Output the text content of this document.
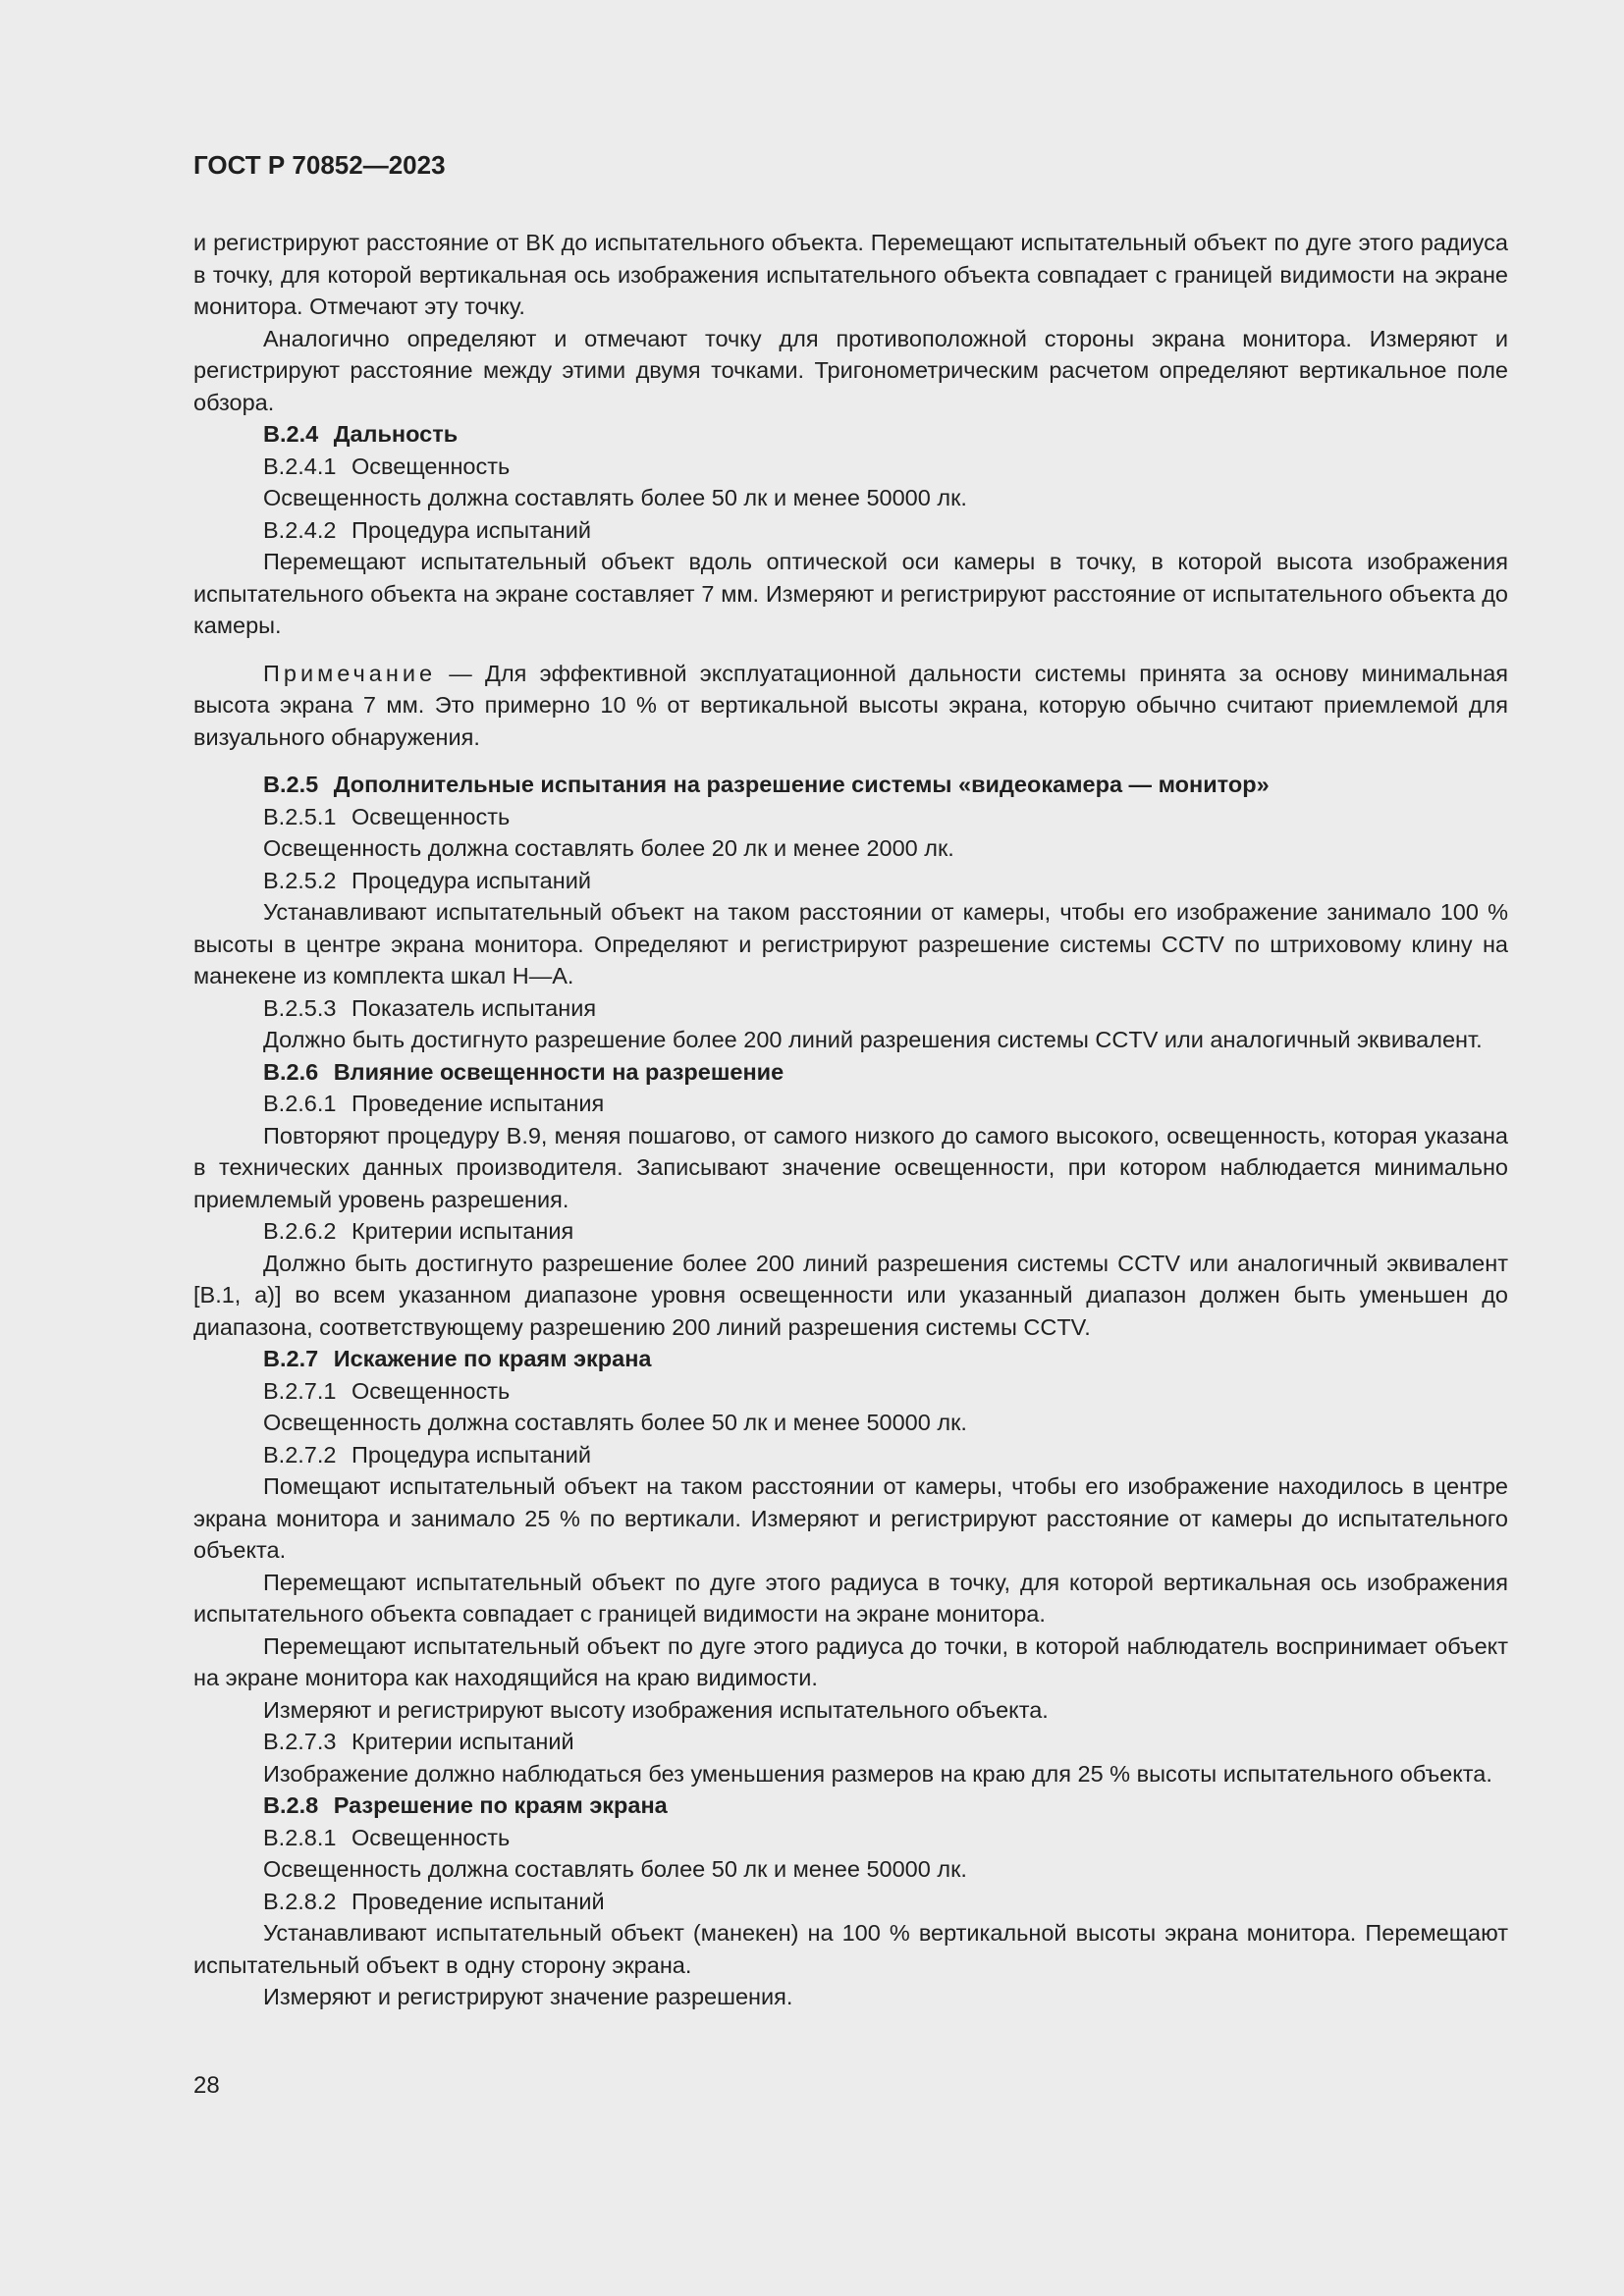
ГОСТ Р 70852—2023

и регистрируют расстояние от ВК до испытательного объекта. Перемещают испытательный объект по дуге этого радиуса в точку, для которой вертикальная ось изображения испытательного объекта совпадает с границей видимости на экране монитора. Отмечают эту точку.

Аналогично определяют и отмечают точку для противоположной стороны экрана монитора. Измеряют и регистрируют расстояние между этими двумя точками. Тригонометрическим расчетом определяют вертикальное поле обзора.

В.2.4 Дальность

В.2.4.1 Освещенность

Освещенность должна составлять более 50 лк и менее 50000 лк.

В.2.4.2 Процедура испытаний

Перемещают испытательный объект вдоль оптической оси камеры в точку, в которой высота изображения испытательного объекта на экране составляет 7 мм. Измеряют и регистрируют расстояние от испытательного объекта до камеры.

Примечание — Для эффективной эксплуатационной дальности системы принята за основу минимальная высота экрана 7 мм. Это примерно 10 % от вертикальной высоты экрана, которую обычно считают приемлемой для визуального обнаружения.

В.2.5 Дополнительные испытания на разрешение системы «видеокамера — монитор»

В.2.5.1 Освещенность

Освещенность должна составлять более 20 лк и менее 2000 лк.

В.2.5.2 Процедура испытаний

Устанавливают испытательный объект на таком расстоянии от камеры, чтобы его изображение занимало 100 % высоты в центре экрана монитора. Определяют и регистрируют разрешение системы CCTV по штриховому клину на манекене из комплекта шкал Н—А.

В.2.5.3 Показатель испытания

Должно быть достигнуто разрешение более 200 линий разрешения системы CCTV или аналогичный эквивалент.

В.2.6 Влияние освещенности на разрешение

В.2.6.1 Проведение испытания

Повторяют процедуру В.9, меняя пошагово, от самого низкого до самого высокого, освещенность, которая указана в технических данных производителя. Записывают значение освещенности, при котором наблюдается минимально приемлемый уровень разрешения.

В.2.6.2 Критерии испытания

Должно быть достигнуто разрешение более 200 линий разрешения системы CCTV или аналогичный эквивалент [В.1, а)] во всем указанном диапазоне уровня освещенности или указанный диапазон должен быть уменьшен до диапазона, соответствующему разрешению 200 линий разрешения системы CCTV.

В.2.7 Искажение по краям экрана

В.2.7.1 Освещенность

Освещенность должна составлять более 50 лк и менее 50000 лк.

В.2.7.2 Процедура испытаний

Помещают испытательный объект на таком расстоянии от камеры, чтобы его изображение находилось в центре экрана монитора и занимало 25 % по вертикали. Измеряют и регистрируют расстояние от камеры до испытательного объекта.

Перемещают испытательный объект по дуге этого радиуса в точку, для которой вертикальная ось изображения испытательного объекта совпадает с границей видимости на экране монитора.

Перемещают испытательный объект по дуге этого радиуса до точки, в которой наблюдатель воспринимает объект на экране монитора как находящийся на краю видимости.

Измеряют и регистрируют высоту изображения испытательного объекта.

В.2.7.3 Критерии испытаний

Изображение должно наблюдаться без уменьшения размеров на краю для 25 % высоты испытательного объекта.

В.2.8 Разрешение по краям экрана

В.2.8.1 Освещенность

Освещенность должна составлять более 50 лк и менее 50000 лк.

В.2.8.2 Проведение испытаний

Устанавливают испытательный объект (манекен) на 100 % вертикальной высоты экрана монитора. Перемещают испытательный объект в одну сторону экрана.

Измеряют и регистрируют значение разрешения.

28
